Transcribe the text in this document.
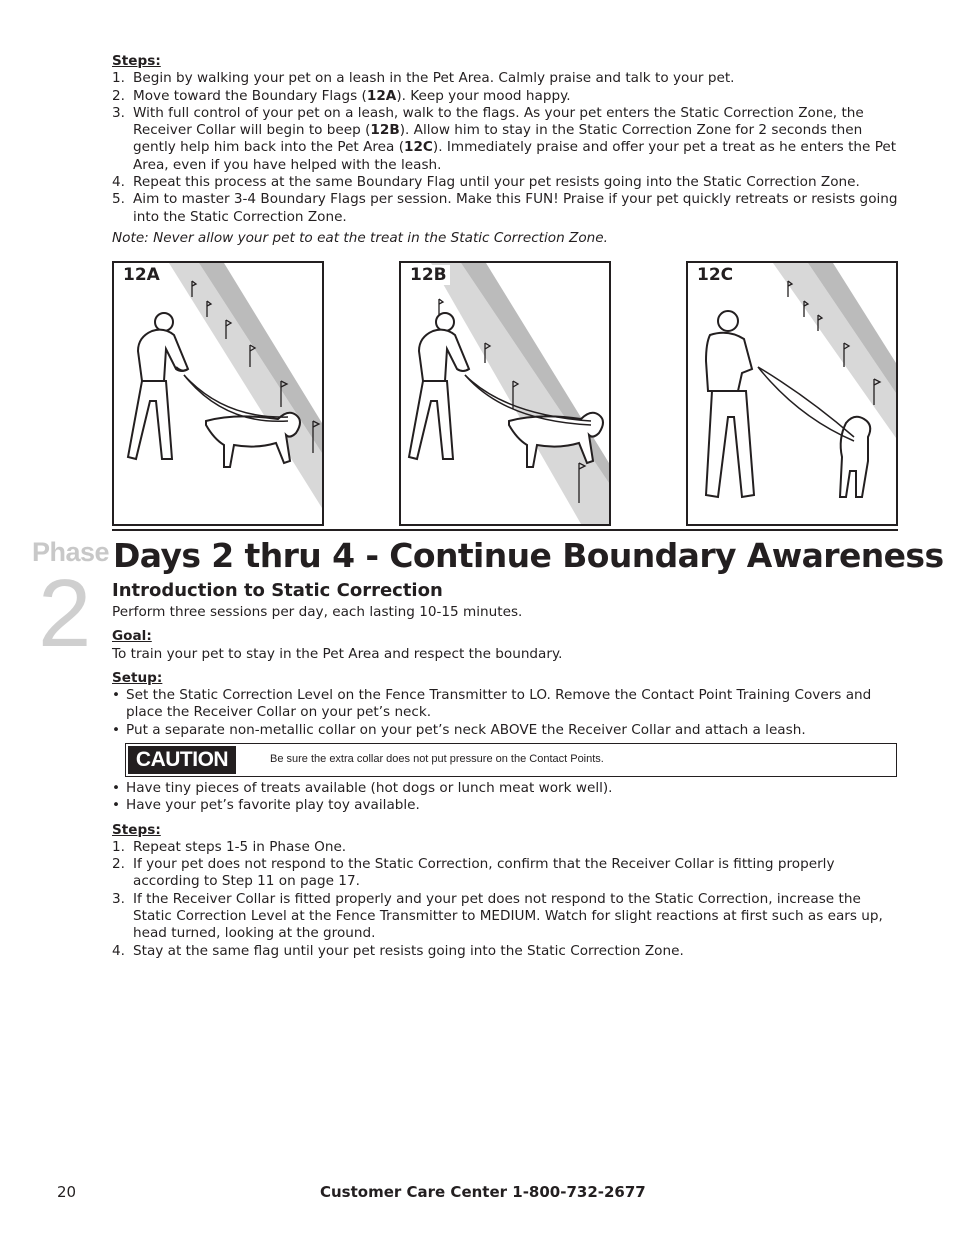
Steps:
1. Begin by walking your pet on a leash in the Pet Area. Calmly praise and talk to your pet.
2. Move toward the Boundary Flags (12A). Keep your mood happy.
3. With full control of your pet on a leash, walk to the flags. As your pet enters the Static Correction Zone, the Receiver Collar will begin to beep (12B). Allow him to stay in the Static Correction Zone for 2 seconds then gently help him back into the Pet Area (12C). Immediately praise and offer your pet a treat as he enters the Pet Area, even if you have helped with the leash.
4. Repeat this process at the same Boundary Flag until your pet resists going into the Static Correction Zone.
5. Aim to master 3-4 Boundary Flags per session. Make this FUN! Praise if your pet quickly retreats or resists going into the Static Correction Zone.
Note: Never allow your pet to eat the treat in the Static Correction Zone.
12A	12B	12C
Phase
2
Days 2 thru 4 - Continue Boundary Awareness
Introduction to Static Correction
Perform three sessions per day, each lasting 10-15 minutes.
Goal:
To train your pet to stay in the Pet Area and respect the boundary.
Setup:
• Set the Static Correction Level on the Fence Transmitter to LO. Remove the Contact Point Training Covers and place the Receiver Collar on your pet’s neck.
• Put a separate non-metallic collar on your pet’s neck ABOVE the Receiver Collar and attach a leash.
CAUTION	Be sure the extra collar does not put pressure on the Contact Points.
• Have tiny pieces of treats available (hot dogs or lunch meat work well).
• Have your pet’s favorite play toy available.
Steps:
1. Repeat steps 1-5 in Phase One.
2. If your pet does not respond to the Static Correction, confirm that the Receiver Collar is fitting properly according to Step 11 on page 17.
3. If the Receiver Collar is fitted properly and your pet does not respond to the Static Correction, increase the Static Correction Level at the Fence Transmitter to MEDIUM. Watch for slight reactions at first such as ears up, head turned, looking at the ground.
4. Stay at the same flag until your pet resists going into the Static Correction Zone.
20	Customer Care Center 1-800-732-2677
